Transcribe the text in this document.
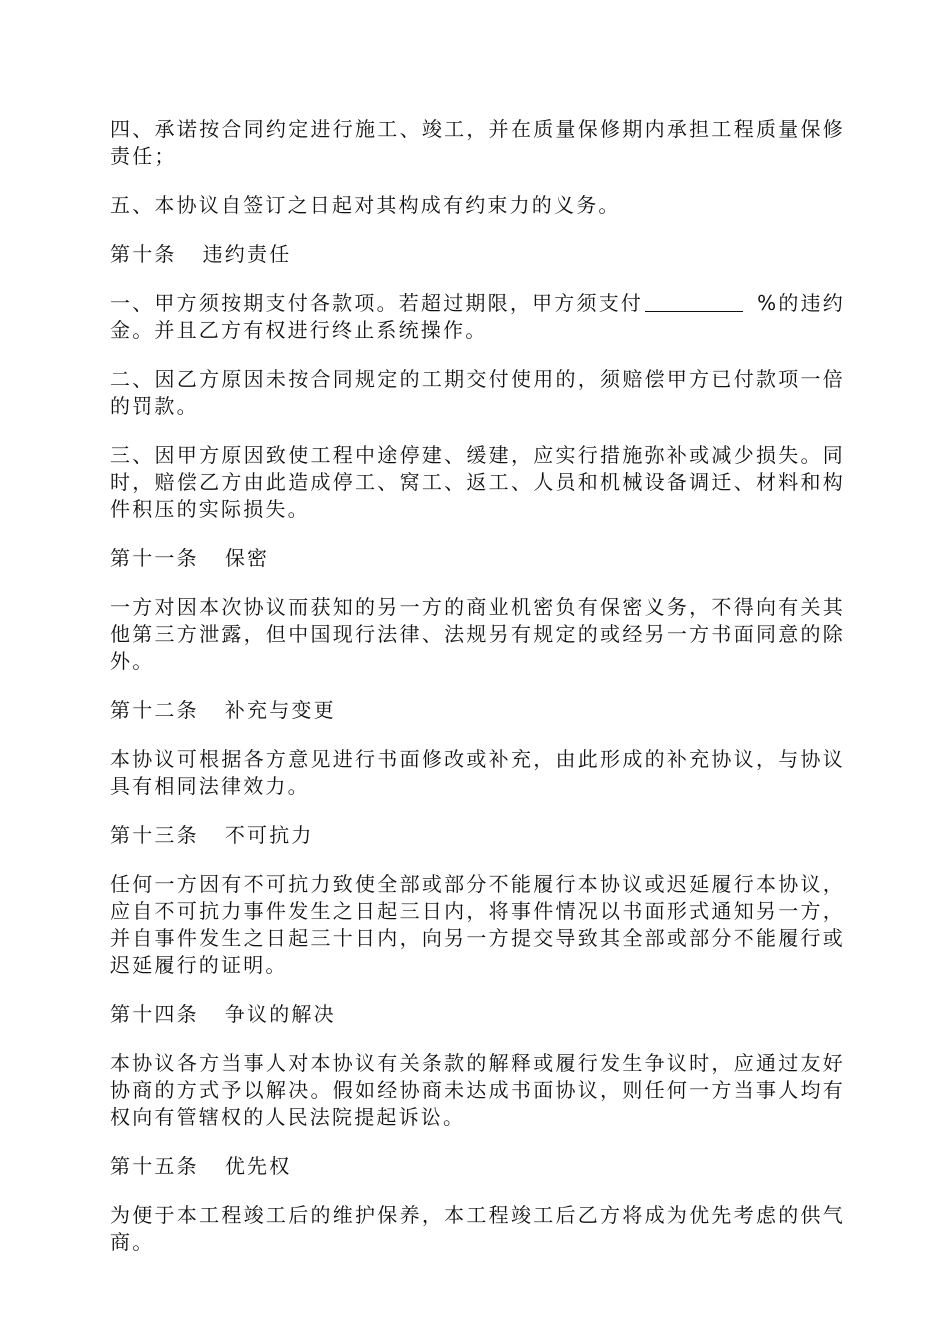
四、承诺按合同约定进行施工、竣工，并在质量保修期内承担工程质量保修责任；

五、本协议自签订之日起对其构成有约束力的义务。

第十条 违约责任

一、甲方须按期支付各款项。若超过期限，甲方须支付	%的违约金。并且乙方有权进行终止系统操作。

二、因乙方原因未按合同规定的工期交付使用的，须赔偿甲方已付款项一倍的罚款。

三、因甲方原因致使工程中途停建、缓建，应实行措施弥补或减少损失。同时，赔偿乙方由此造成停工、窝工、返工、人员和机械设备调迁、材料和构件积压的实际损失。

第十一条 保密

一方对因本次协议而获知的另一方的商业机密负有保密义务，不得向有关其他第三方泄露，但中国现行法律、法规另有规定的或经另一方书面同意的除外。

第十二条 补充与变更

本协议可根据各方意见进行书面修改或补充，由此形成的补充协议，与协议具有相同法律效力。

第十三条 不可抗力

任何一方因有不可抗力致使全部或部分不能履行本协议或迟延履行本协议，应自不可抗力事件发生之日起三日内，将事件情况以书面形式通知另一方，并自事件发生之日起三十日内，向另一方提交导致其全部或部分不能履行或迟延履行的证明。

第十四条 争议的解决

本协议各方当事人对本协议有关条款的解释或履行发生争议时，应通过友好协商的方式予以解决。假如经协商未达成书面协议，则任何一方当事人均有权向有管辖权的人民法院提起诉讼。

第十五条 优先权

为便于本工程竣工后的维护保养，本工程竣工后乙方将成为优先考虑的供气商。
